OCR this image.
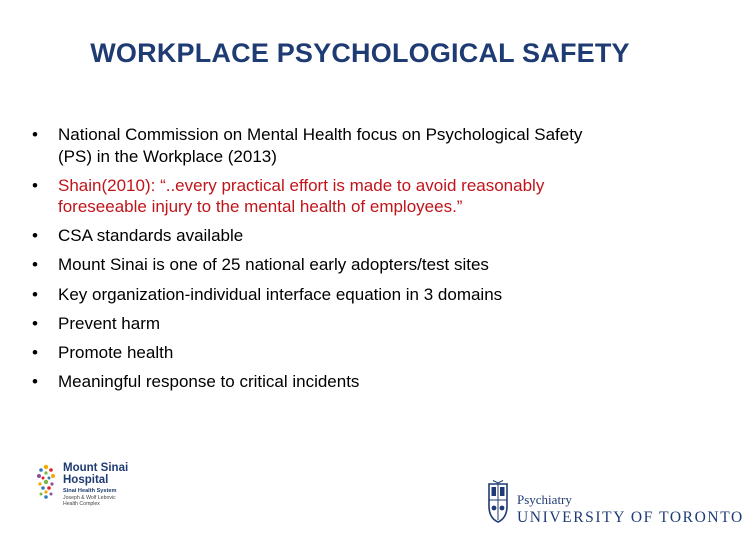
WORKPLACE PSYCHOLOGICAL SAFETY
• National Commission on Mental Health focus on Psychological Safety
(PS) in the Workplace (2013)
• Shain(2010): “..every practical effort is made to avoid reasonably
foreseeable injury to the mental health of employees.”
• CSA standards available
• Mount Sinai is one of 25 national early adopters/test sites
• Key organization-individual interface equation in 3 domains
• Prevent harm
• Promote health
• Meaningful response to critical incidents
Mount Sinai
Hospital
Sinai Health System
Joseph & Wolf Lebovic
Health Complex	Psychiatry
UNIVERSITY OF TORONTO
